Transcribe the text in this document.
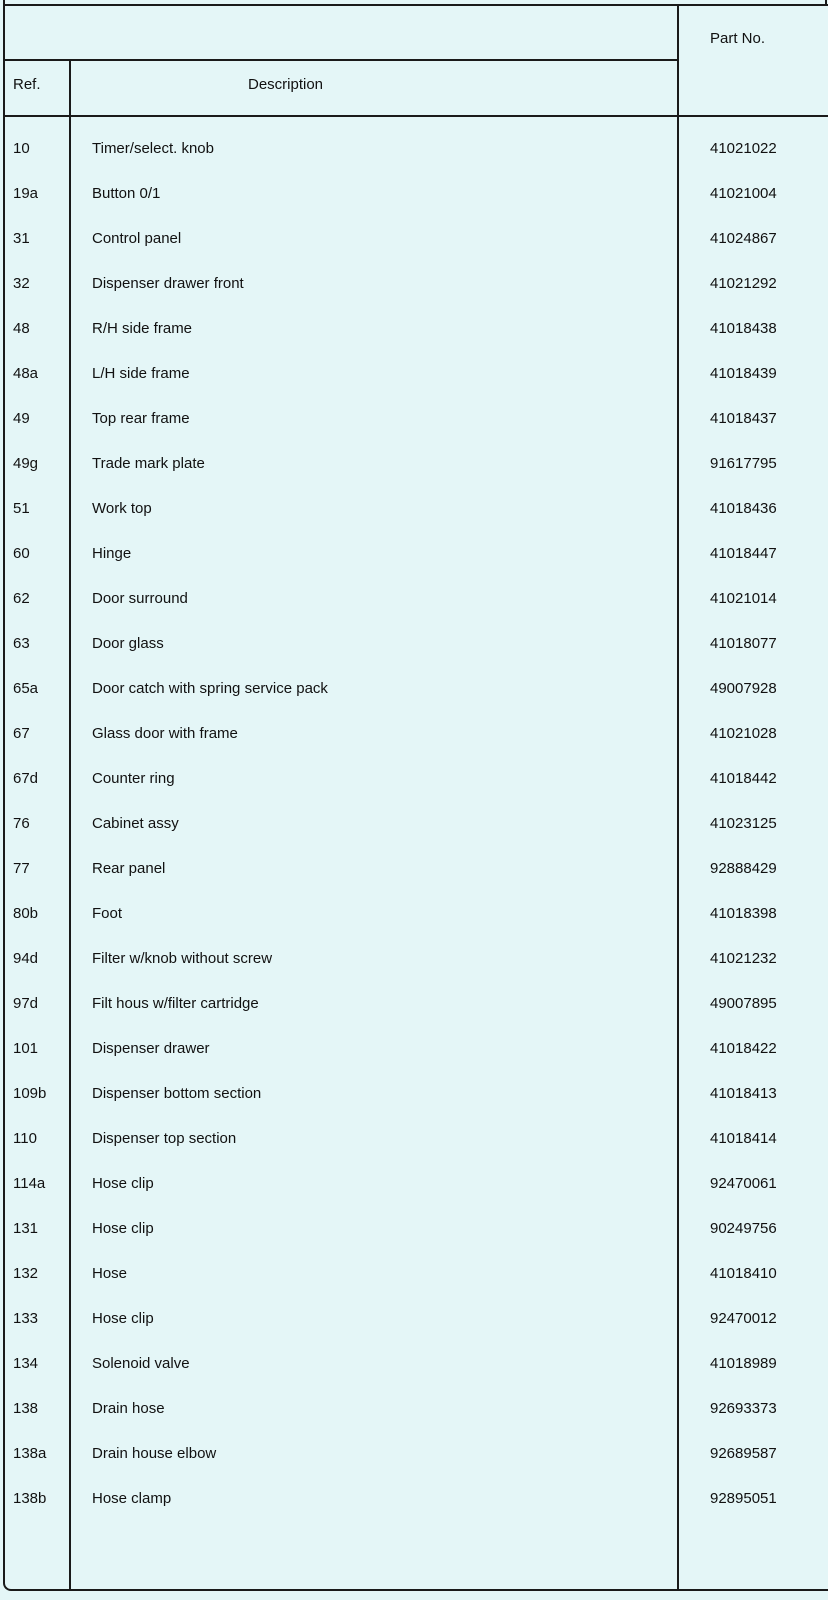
Part No.
Ref.	Description
10	Timer/select. knob	41021022
19a	Button 0/1	41021004
31	Control panel	41024867
32	Dispenser drawer front	41021292
48	R/H side frame	41018438
48a	L/H side frame	41018439
49	Top rear frame	41018437
49g	Trade mark plate	91617795
51	Work top	41018436
60	Hinge	41018447
62	Door surround	41021014
63	Door glass	41018077
65a	Door catch with spring service pack	49007928
67	Glass door with frame	41021028
67d	Counter ring	41018442
76	Cabinet assy	41023125
77	Rear panel	92888429
80b	Foot	41018398
94d	Filter w/knob without screw	41021232
97d	Filt hous w/filter cartridge	49007895
101	Dispenser drawer	41018422
109b	Dispenser bottom section	41018413
110	Dispenser top section	41018414
114a	Hose clip	92470061
131	Hose clip	90249756
132	Hose	41018410
133	Hose clip	92470012
134	Solenoid valve	41018989
138	Drain hose	92693373
138a	Drain house elbow	92689587
138b	Hose clamp	92895051
